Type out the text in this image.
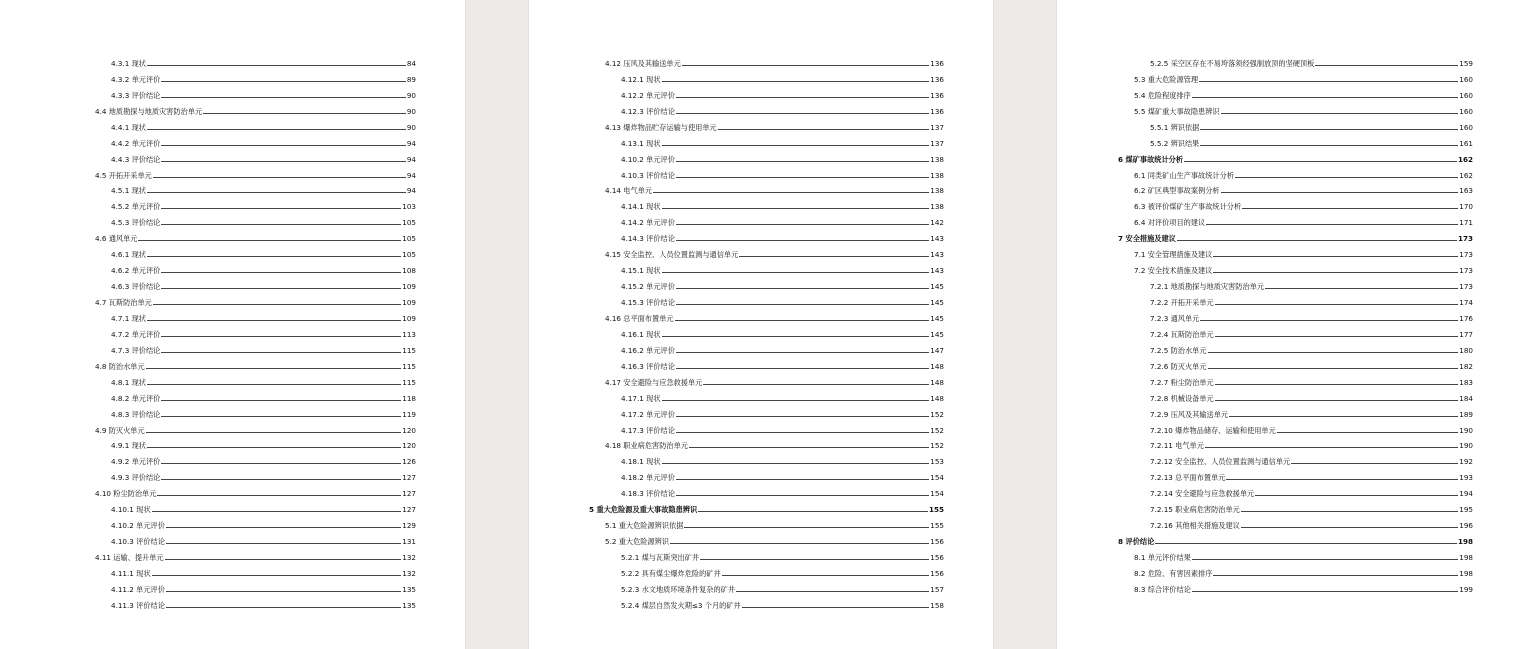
4.3.1 现状	84
4.3.2 单元评价	89
4.3.3 评价结论	90
4.4 地质勘探与地质灾害防治单元	90
4.4.1 现状	90
4.4.2 单元评价	94
4.4.3 评价结论	94
4.5 开拓开采单元	94
4.5.1 现状	94
4.5.2 单元评价	103
4.5.3 评价结论	105
4.6 通风单元	105
4.6.1 现状	105
4.6.2 单元评价	108
4.6.3 评价结论	109
4.7 瓦斯防治单元	109
4.7.1 现状	109
4.7.2 单元评价	113
4.7.3 评价结论	115
4.8 防治水单元	115
4.8.1 现状	115
4.8.2 单元评价	118
4.8.3 评价结论	119
4.9 防灭火单元	120
4.9.1 现状	120
4.9.2 单元评价	126
4.9.3 评价结论	127
4.10 粉尘防治单元	127
4.10.1 现状	127
4.10.2 单元评价	129
4.10.3 评价结论	131
4.11 运输、提升单元	132
4.11.1 现状	132
4.11.2 单元评价	135
4.11.3 评价结论	135
4.12 压风及其输送单元	136
4.12.1 现状	136
4.12.2 单元评价	136
4.12.3 评价结论	136
4.13 爆炸物品贮存运输与使用单元	137
4.13.1 现状	137
4.10.2 单元评价	138
4.10.3 评价结论	138
4.14 电气单元	138
4.14.1 现状	138
4.14.2 单元评价	142
4.14.3 评价结论	143
4.15 安全监控、人员位置监测与通信单元	143
4.15.1 现状	143
4.15.2 单元评价	145
4.15.3 评价结论	145
4.16 总平面布置单元	145
4.16.1 现状	145
4.16.2 单元评价	147
4.16.3 评价结论	148
4.17 安全避险与应急救援单元	148
4.17.1 现状	148
4.17.2 单元评价	152
4.17.3 评价结论	152
4.18 职业病危害防治单元	152
4.18.1 现状	153
4.18.2 单元评价	154
4.18.3 评价结论	154
5 重大危险源及重大事故隐患辨识	155
5.1 重大危险源辨识依据	155
5.2 重大危险源辨识	156
5.2.1 煤与瓦斯突出矿井	156
5.2.2 具有煤尘爆炸危险的矿井	156
5.2.3 水文地质环境条件复杂的矿井	157
5.2.4 煤层自然发火期≤3 个月的矿井	158
5.2.5 采空区存在不易垮落须经强制放顶的坚硬顶板	159
5.3 重大危险源管理	160
5.4 危险程度排序	160
5.5 煤矿重大事故隐患辨识	160
5.5.1 辨识依据	160
5.5.2 辨识结果	161
6 煤矿事故统计分析	162
6.1 同类矿山生产事故统计分析	162
6.2 矿区典型事故案例分析	163
6.3 被评价煤矿生产事故统计分析	170
6.4 对评价项目的建议	171
7 安全措施及建议	173
7.1 安全管理措施及建议	173
7.2 安全技术措施及建议	173
7.2.1 地质勘探与地质灾害防治单元	173
7.2.2 开拓开采单元	174
7.2.3 通风单元	176
7.2.4 瓦斯防治单元	177
7.2.5 防治水单元	180
7.2.6 防灭火单元	182
7.2.7 粉尘防治单元	183
7.2.8 机械设备单元	184
7.2.9 压风及其输送单元	189
7.2.10 爆炸物品储存、运输和使用单元	190
7.2.11 电气单元	190
7.2.12 安全监控、人员位置监测与通信单元	192
7.2.13 总平面布置单元	193
7.2.14 安全避险与应急救援单元	194
7.2.15 职业病危害防治单元	195
7.2.16 其他相关措施及建议	196
8 评价结论	198
8.1 单元评价结果	198
8.2 危险、有害因素排序	198
8.3 综合评价结论	199
